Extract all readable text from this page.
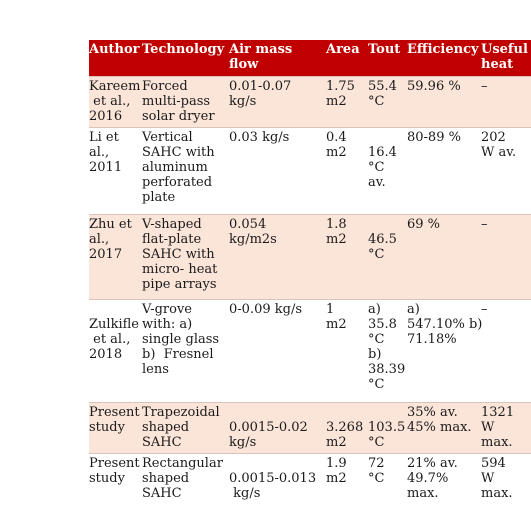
Author Technology Air mass
flow
Area Tout Efficiency Useful
heat
Kareem
et al.,
2016
Forced
multi-pass
solar dryer
0.01-0.07
kg/s
1.75
m2
55.4
°C
59.96 % –
Li et
al.,
2011
Vertical
SAHC with
aluminum
perforated
plate
0.03 kg/s	0.4
m2
16.4
°C
av.
80-89 % 202
W av.
Zhu et
al.,
2017
V-shaped
flat-plate
SAHC with
micro- heat
pipe arrays
0.054
kg/m2s
1.8
m2
46.5
°C
69 %	–

Zulkifle
et al.,
2018
V-grove
with: a)
single glass
b)  Fresnel
lens
0-0.09 kg/s 1
m2
a)
35.8
°C
b)
38.39
°C
a)
547.10% b)
71.18%
–
Present
study
Trapezoidal
shaped
SAHC

0.0015-0.02
kg/s

3.268
m2

103.5
°C
35% av.
45% max.
1321
W
max.
Present
study
Rectangular
shaped
SAHC

0.0015-0.013
kg/s
1.9
m2
72
°C
21% av.
49.7%
max.
594
W
max.
